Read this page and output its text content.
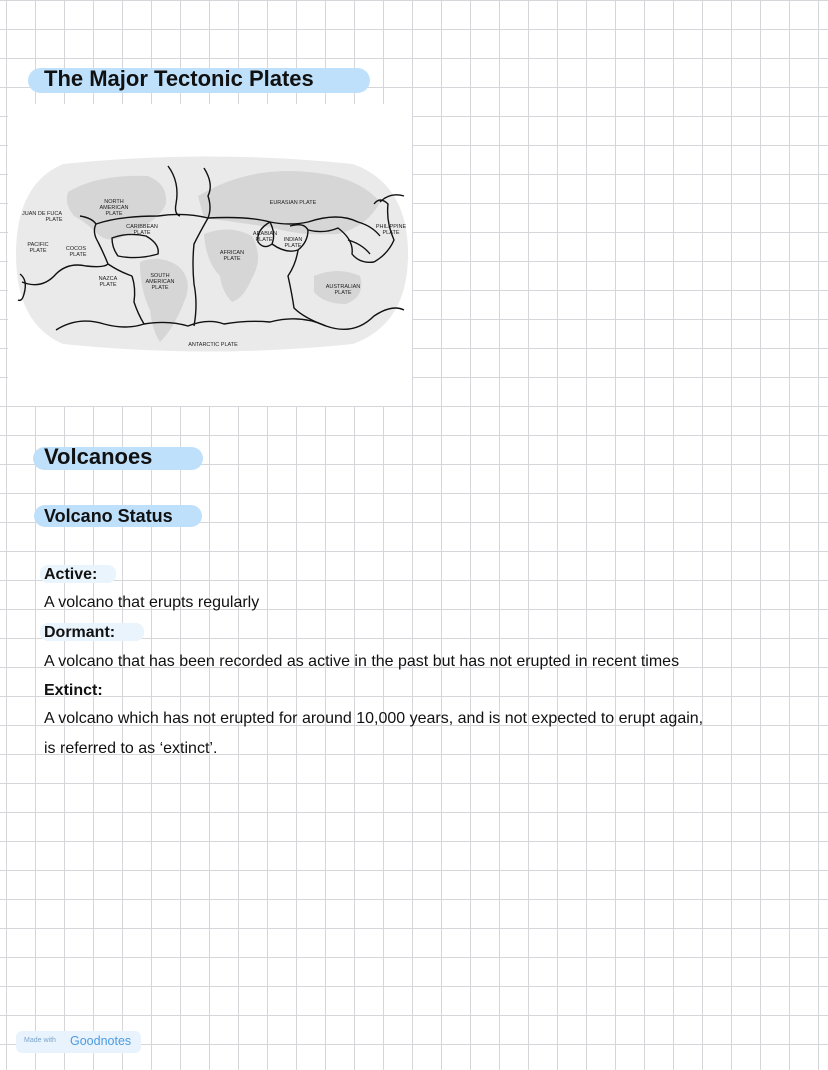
The Major Tectonic Plates
NORTH AMERICAN PLATE
JUAN DE FUCA PLATE
CARIBBEAN PLATE
PACIFIC PLATE	COCOS PLATE
NAZCA PLATE
SOUTH AMERICAN PLATE
AFRICAN PLATE
ARABIAN PLATE	INDIAN PLATE
EURASIAN PLATE
PHILIPPINE PLATE
AUSTRALIAN PLATE
ANTARCTIC PLATE
Volcanoes
Volcano Status
Active:
A volcano that erupts regularly
Dormant:
A volcano that has been recorded as active in the past but has not erupted in recent times
Extinct:
A volcano which has not erupted for around 10,000 years, and is not expected to erupt again,
is referred to as ‘extinct’.
Made with Goodnotes
